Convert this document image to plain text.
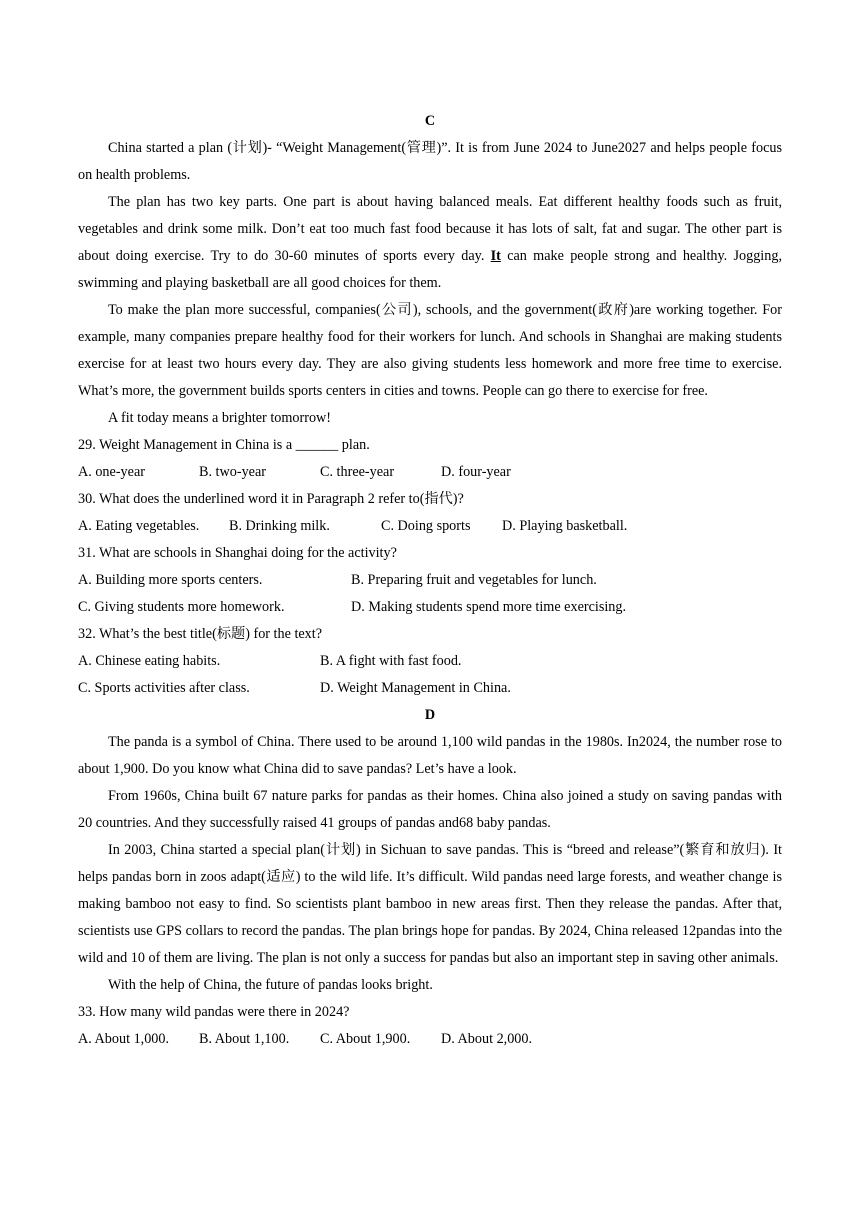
C

China started a plan (计划)- “Weight Management(管理)”. It is from June 2024 to June2027 and helps people focus on health problems.

The plan has two key parts. One part is about having balanced meals. Eat different healthy foods such as fruit, vegetables and drink some milk. Don’t eat too much fast food because it has lots of salt, fat and sugar. The other part is about doing exercise. Try to do 30-60 minutes of sports every day. It can make people strong and healthy. Jogging, swimming and playing basketball are all good choices for them.

To make the plan more successful, companies(公司), schools, and the government(政府)are working together. For example, many companies prepare healthy food for their workers for lunch. And schools in Shanghai are making students exercise for at least two hours every day. They are also giving students less homework and more free time to exercise. What’s more, the government builds sports centers in cities and towns. People can go there to exercise for free.

A fit today means a brighter tomorrow!

29. Weight Management in China is a ______ plan.

A. one-year	B. two-year	C. three-year	D. four-year

30. What does the underlined word it in Paragraph 2 refer to(指代)?

A. Eating vegetables.	B. Drinking milk.	C. Doing sports	D. Playing basketball.

31. What are schools in Shanghai doing for the activity?

A. Building more sports centers.	B. Preparing fruit and vegetables for lunch.
C. Giving students more homework.	D. Making students spend more time exercising.

32. What’s the best title(标题) for the text?

A. Chinese eating habits.	B. A fight with fast food.
C. Sports activities after class.	D. Weight Management in China.
D

The panda is a symbol of China. There used to be around 1,100 wild pandas in the 1980s. In2024, the number rose to about 1,900. Do you know what China did to save pandas? Let’s have a look.

From 1960s, China built 67 nature parks for pandas as their homes. China also joined a study on saving pandas with 20 countries. And they successfully raised 41 groups of pandas and68 baby pandas.

In 2003, China started a special plan(计划) in Sichuan to save pandas. This is “breed and release”(繁育和放归). It helps pandas born in zoos adapt(适应) to the wild life. It’s difficult. Wild pandas need large forests, and weather change is making bamboo not easy to find. So scientists plant bamboo in new areas first. Then they release the pandas. After that, scientists use GPS collars to record the pandas. The plan brings hope for pandas. By 2024, China released 12pandas into the wild and 10 of them are living. The plan is not only a success for pandas but also an important step in saving other animals.

With the help of China, the future of pandas looks bright.

33. How many wild pandas were there in 2024?

A. About 1,000.	B. About 1,100.	C. About 1,900.	D. About 2,000.
